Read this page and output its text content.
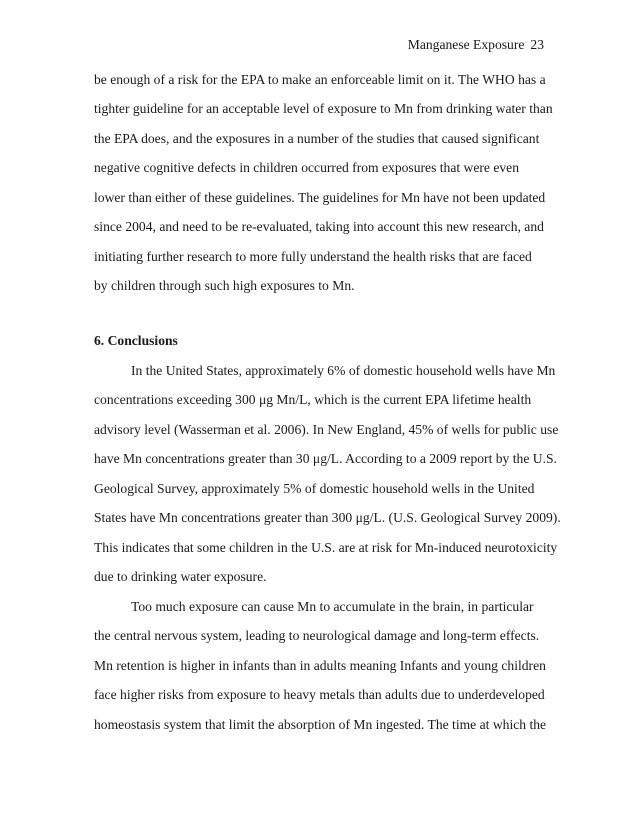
Manganese Exposure 23
be enough of a risk for the EPA to make an enforceable limit on it. The WHO has a
tighter guideline for an acceptable level of exposure to Mn from drinking water than
the EPA does, and the exposures in a number of the studies that caused significant
negative cognitive defects in children occurred from exposures that were even
lower than either of these guidelines. The guidelines for Mn have not been updated
since 2004, and need to be re-evaluated, taking into account this new research, and
initiating further research to more fully understand the health risks that are faced
by children through such high exposures to Mn.
6. Conclusions
In the United States, approximately 6% of domestic household wells have Mn
concentrations exceeding 300 μg Mn/L, which is the current EPA lifetime health
advisory level (Wasserman et al. 2006). In New England, 45% of wells for public use
have Mn concentrations greater than 30 μg/L. According to a 2009 report by the U.S.
Geological Survey, approximately 5% of domestic household wells in the United
States have Mn concentrations greater than 300 μg/L. (U.S. Geological Survey 2009).
This indicates that some children in the U.S. are at risk for Mn-induced neurotoxicity
due to drinking water exposure.
Too much exposure can cause Mn to accumulate in the brain, in particular
the central nervous system, leading to neurological damage and long-term effects.
Mn retention is higher in infants than in adults meaning Infants and young children
face higher risks from exposure to heavy metals than adults due to underdeveloped
homeostasis system that limit the absorption of Mn ingested. The time at which the
